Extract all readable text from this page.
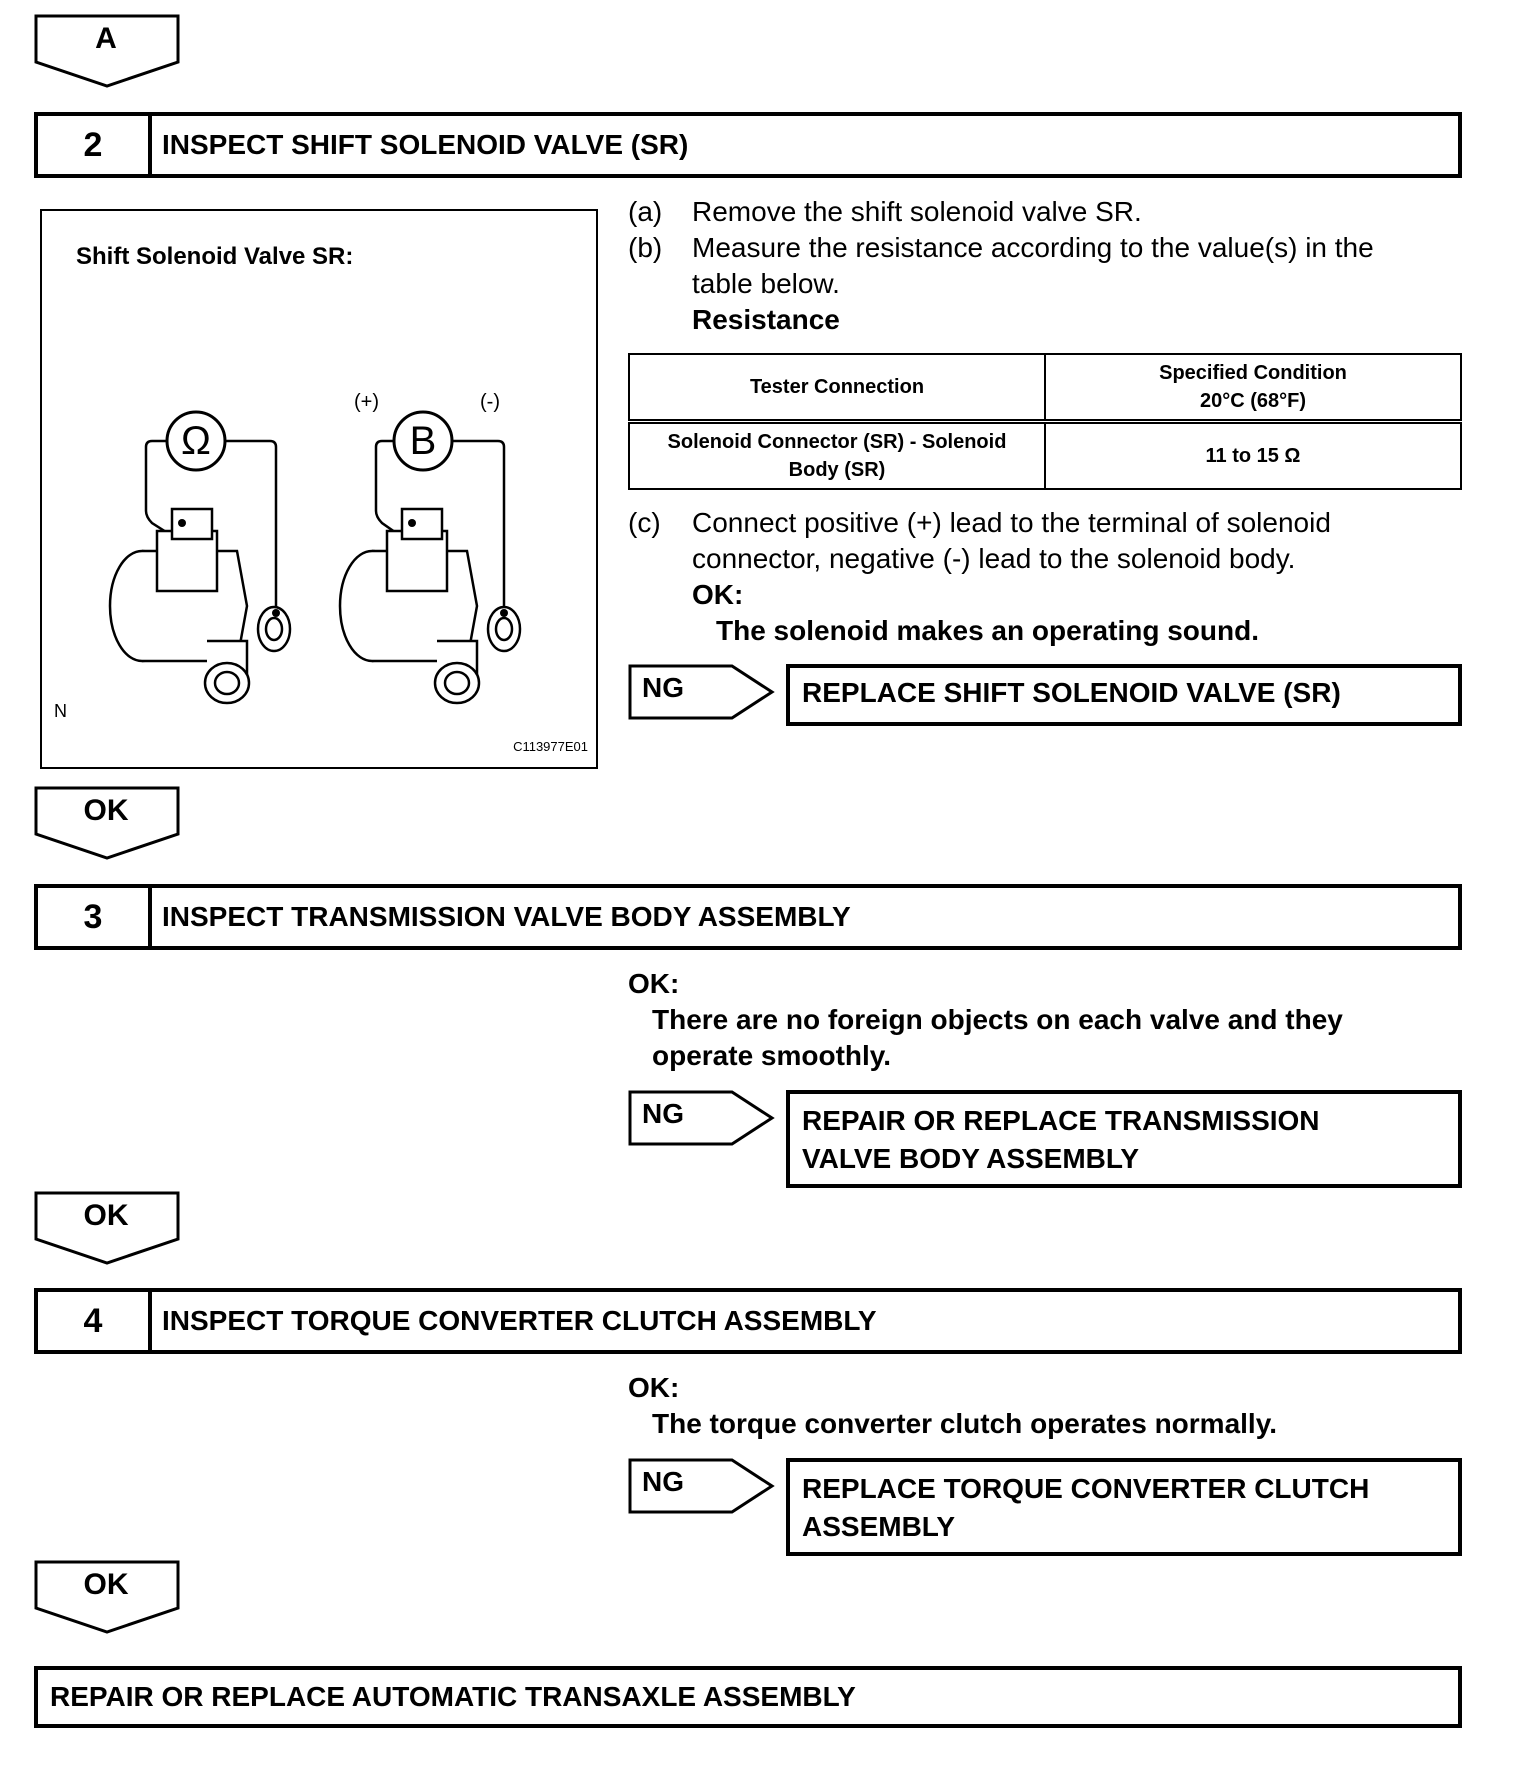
A
2	INSPECT SHIFT SOLENOID VALVE (SR)
Shift Solenoid Valve SR:
Ω	B
(+)	(-)
N
C113977E01
(a) Remove the shift solenoid valve SR.
(b) Measure the resistance according to the value(s) in the
table below.
Resistance
Tester Connection	Specified Condition
20°C (68°F)

Solenoid Connector (SR) - Solenoid
Body (SR)	11 to 15 Ω
(c) Connect positive (+) lead to the terminal of solenoid
connector, negative (-) lead to the solenoid body.
OK:
The solenoid makes an operating sound.
NG	REPLACE SHIFT SOLENOID VALVE (SR)
OK
3	INSPECT TRANSMISSION VALVE BODY ASSEMBLY
OK:
There are no foreign objects on each valve and they
operate smoothly.
NG	REPAIR OR REPLACE TRANSMISSION
VALVE BODY ASSEMBLY
OK
4	INSPECT TORQUE CONVERTER CLUTCH ASSEMBLY
OK:
The torque converter clutch operates normally.
NG	REPLACE TORQUE CONVERTER CLUTCH
ASSEMBLY
OK
REPAIR OR REPLACE AUTOMATIC TRANSAXLE ASSEMBLY
